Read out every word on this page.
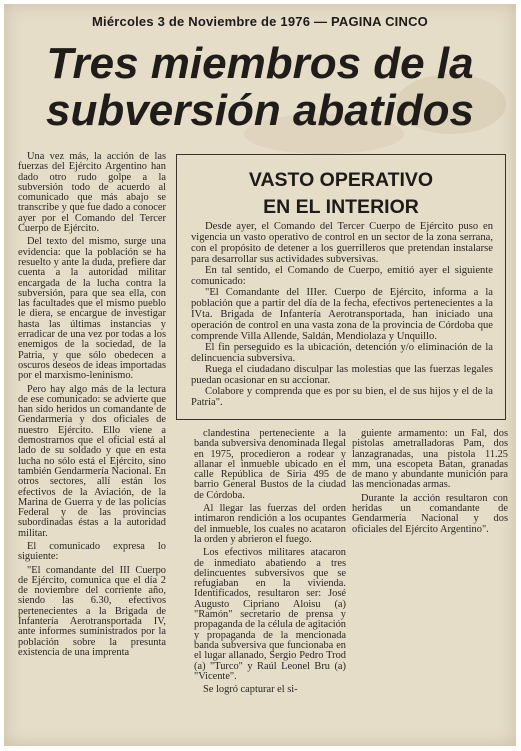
Miércoles 3 de Noviembre de 1976 — PAGINA CINCO
Tres miembros de la
subversión abatidos

Una vez más, la acción de las fuerzas del Ejército Argentino han dado otro rudo golpe a la subversión todo de acuerdo al comunicado que más abajo se transcribe y que fue dado a conocer ayer por el Comando del Tercer Cuerpo de Ejército.

Del texto del mismo, surge una evidencia: que la población se ha resuelto y ante la duda, prefiere dar cuenta a la autoridad militar encargada de la lucha contra la subversión, para que sea ella, con las facultades que el mismo pueblo le diera, se encargue de investigar hasta las últimas instancias y erradicar de una vez por todas a los enemigos de la sociedad, de la Patria, y que sólo obedecen a oscuros deseos de ideas importadas por el marxismo-leninismo.

Pero hay algo más de la lectura de ese comunicado: se advierte que han sido heridos un comandante de Gendarmería y dos oficiales de nuestro Ejército. Ello viene a demostrarnos que el oficial está al lado de su soldado y que en esta lucha no sólo está el Ejército, sino también Gendarmería Nacional. En otros sectores, allí están los efectivos de la Aviación, de la Marina de Guerra y de las policías Federal y de las provincias subordinadas éstas a la autoridad militar.

El comunicado expresa lo siguiente:

"El comandante del III Cuerpo de Ejército, comunica que el día 2 de noviembre del corriente año, siendo las 6.30, efectivos pertenecientes a la Brigada de Infantería Aerotransportada IV, ante informes suministrados por la población sobre la presunta existencia de una imprenta

VASTO OPERATIVO
EN EL INTERIOR

Desde ayer, el Comando del Tercer Cuerpo de Ejército puso en vigencia un vasto operativo de control en un sector de la zona serrana, con el propósito de detener a los guerrilleros que pretendan instalarse para desarrollar sus actividades subversivas.

En tal sentido, el Comando de Cuerpo, emitió ayer el siguiente comunicado:

"El Comandante del IIIer. Cuerpo de Ejército, informa a la población que a partir del día de la fecha, efectivos pertenecientes a la IVta. Brigada de Infantería Aerotransportada, han iniciado una operación de control en una vasta zona de la provincia de Córdoba que comprende Villa Allende, Saldán, Mendiolaza y Unquillo.

El fin perseguido es la ubicación, detención y/o eliminación de la delincuencia subversiva.

Ruega el ciudadano disculpar las molestias que las fuerzas legales puedan ocasionar en su accionar.

Colabore y comprenda que es por su bien, el de sus hijos y el de la Patria".

clandestina perteneciente a la banda subversiva denominada Ilegal en 1975, procedieron a rodear y allanar el inmueble ubicado en el calle República de Siria 495 de barrio General Bustos de la ciudad de Córdoba.

Al llegar las fuerzas del orden intimaron rendición a los ocupantes del inmueble, los cuales no acataron la orden y abrieron el fuego.

Los efectivos militares atacaron de inmediato abatiendo a tres delincuentes subversivos que se refugiaban en la vivienda. Identificados, resultaron ser: José Augusto Cipriano Aloisu (a) "Ramón" secretario de prensa y propaganda de la célula de agitación y propaganda de la mencionada banda subversiva que funcionaba en el lugar allanado, Sergio Pedro Trod (a) "Turco" y Raúl Leonel Bru (a) "Vicente".

Se logró capturar el si-

guiente armamento: un Fal, dos pistolas ametralladoras Pam, dos lanzagranadas, una pistola 11.25 mm, una escopeta Batan, granadas de mano y abundante munición para las mencionadas armas.

Durante la acción resultaron con heridas un comandante de Gendarmería Nacional y dos oficiales del Ejército Argentino".
